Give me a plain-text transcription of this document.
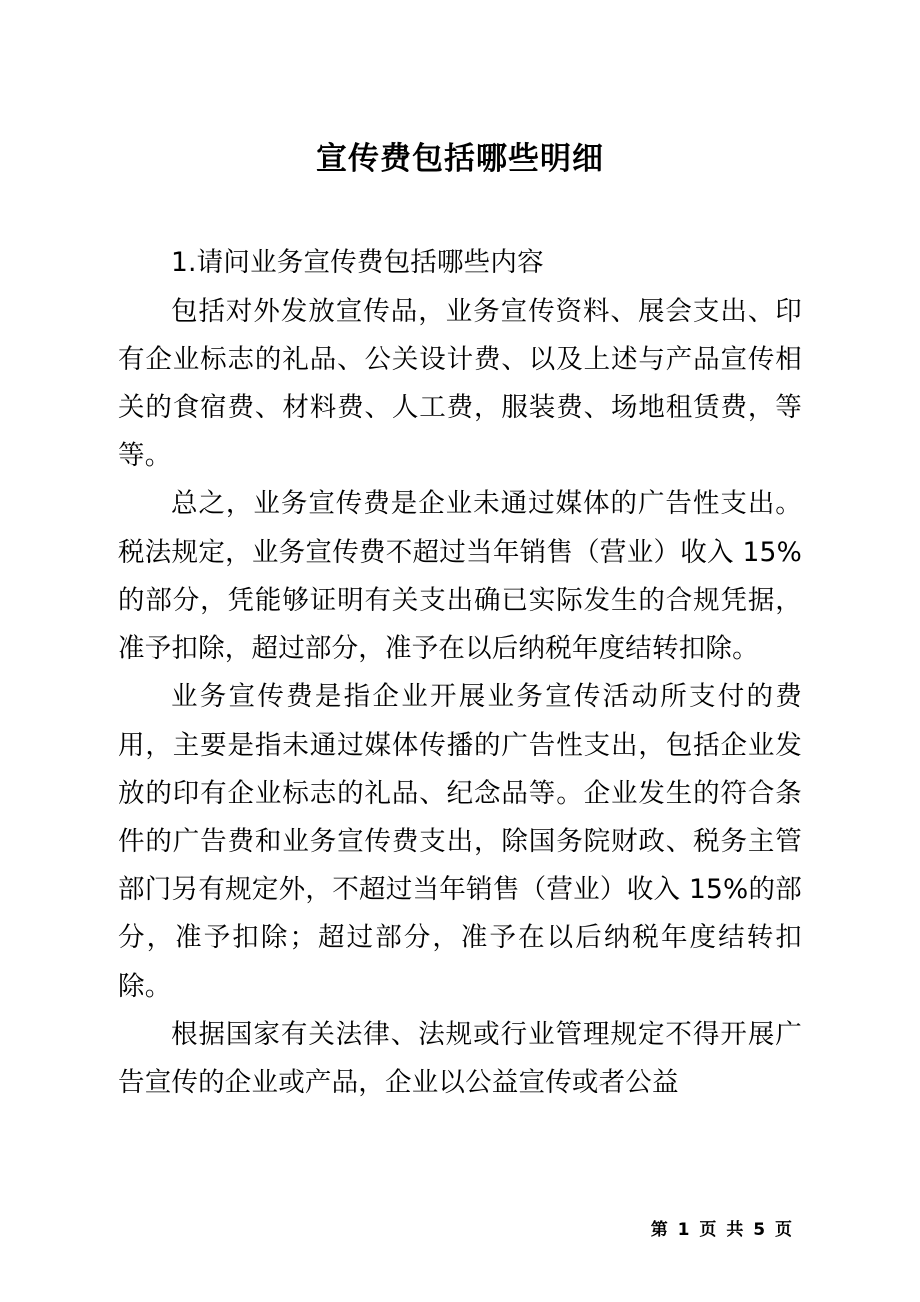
宣传费包括哪些明细

1.请问业务宣传费包括哪些内容

包括对外发放宣传品，业务宣传资料、展会支出、印有企业标志的礼品、公关设计费、以及上述与产品宣传相关的食宿费、材料费、人工费，服装费、场地租赁费，等等。

总之，业务宣传费是企业未通过媒体的广告性支出。税法规定，业务宣传费不超过当年销售（营业）收入 15%的部分，凭能够证明有关支出确已实际发生的合规凭据，准予扣除，超过部分，准予在以后纳税年度结转扣除。

业务宣传费是指企业开展业务宣传活动所支付的费用，主要是指未通过媒体传播的广告性支出，包括企业发放的印有企业标志的礼品、纪念品等。企业发生的符合条件的广告费和业务宣传费支出，除国务院财政、税务主管部门另有规定外，不超过当年销售（营业）收入 15%的部分，准予扣除；超过部分，准予在以后纳税年度结转扣除。

根据国家有关法律、法规或行业管理规定不得开展广告宣传的企业或产品，企业以公益宣传或者公益

第 1 页 共 5 页
